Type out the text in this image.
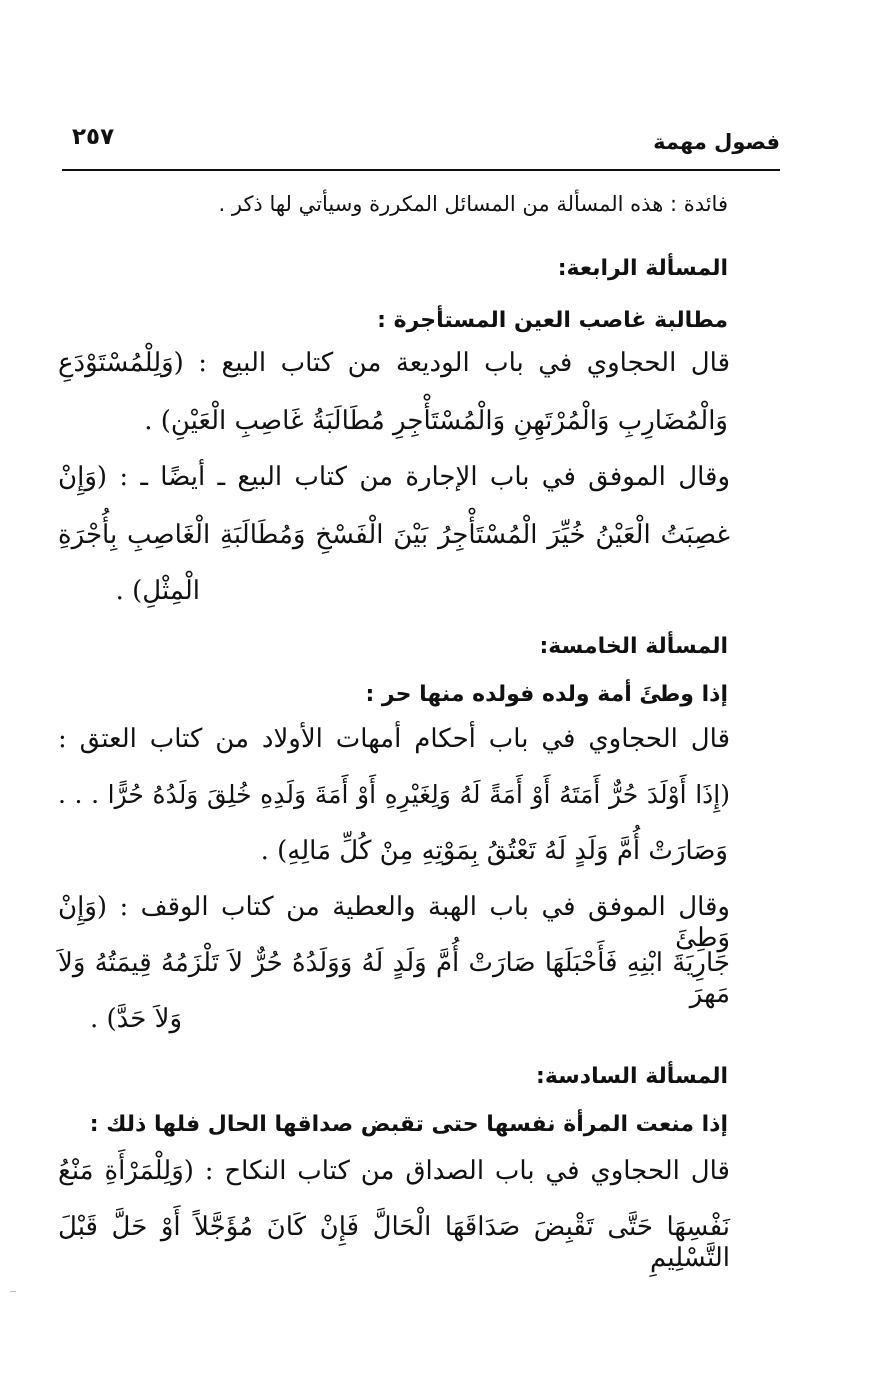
فصول مهمة
٢٥٧
فائدة : هذه المسألة من المسائل المكررة وسيأتي لها ذكر .
المسألة الرابعة:
مطالبة غاصب العين المستأجرة :
قال الحجاوي في باب الوديعة من كتاب البيع : (وَلِلْمُسْتَوْدَعِ
وَالْمُضَارِبِ وَالْمُرْتَهِنِ وَالْمُسْتَأْجِرِ مُطَالَبَةُ غَاصِبِ الْعَيْنِ) .
وقال الموفق في باب الإجارة من كتاب البيع ـ أيضًا ـ : (وَإِنْ
غصِبَتُ الْعَيْنُ خُيِّرَ الْمُسْتَأْجِرُ بَيْنَ الْفَسْخِ وَمُطَالَبَةِ الْغَاصِبِ بِأُجْرَةِ
الْمِثْلِ) .
المسألة الخامسة:
إذا وطئَ أمة ولده فولده منها حر :
قال الحجاوي في باب أحكام أمهات الأولاد من كتاب العتق :
(إِذَا أَوْلَدَ حُرٌّ أَمَتَهُ أَوْ أَمَةً لَهُ وَلِغَيْرِهِ أَوْ أَمَةَ وَلَدِهِ خُلِقَ وَلَدُهُ حُرًّا . . .
وَصَارَتْ أُمَّ وَلَدٍ لَهُ تَعْتُقُ بِمَوْتِهِ مِنْ كُلِّ مَالِهِ) .
وقال الموفق في باب الهبة والعطية من كتاب الوقف : (وَإِنْ وَطِئَ
جَارِيَةَ ابْنِهِ فَأَحْبَلَهَا صَارَتْ أُمَّ وَلَدٍ لَهُ وَوَلَدُهُ حُرٌّ لاَ تَلْزَمُهُ قِيمَتُهُ وَلاَ مَهرَ
وَلاَ حَدَّ) .
المسألة السادسة:
إذا منعت المرأة نفسها حتى تقبض صداقها الحال فلها ذلك :
قال الحجاوي في باب الصداق من كتاب النكاح : (وَلِلْمَرْأَةِ مَنْعُ
نَفْسِهَا حَتَّى تَقْبِضَ صَدَاقَهَا الْحَالَّ فَإِنْ كَانَ مُؤَجَّلاً أَوْ حَلَّ قَبْلَ التَّسْلِيمِ
